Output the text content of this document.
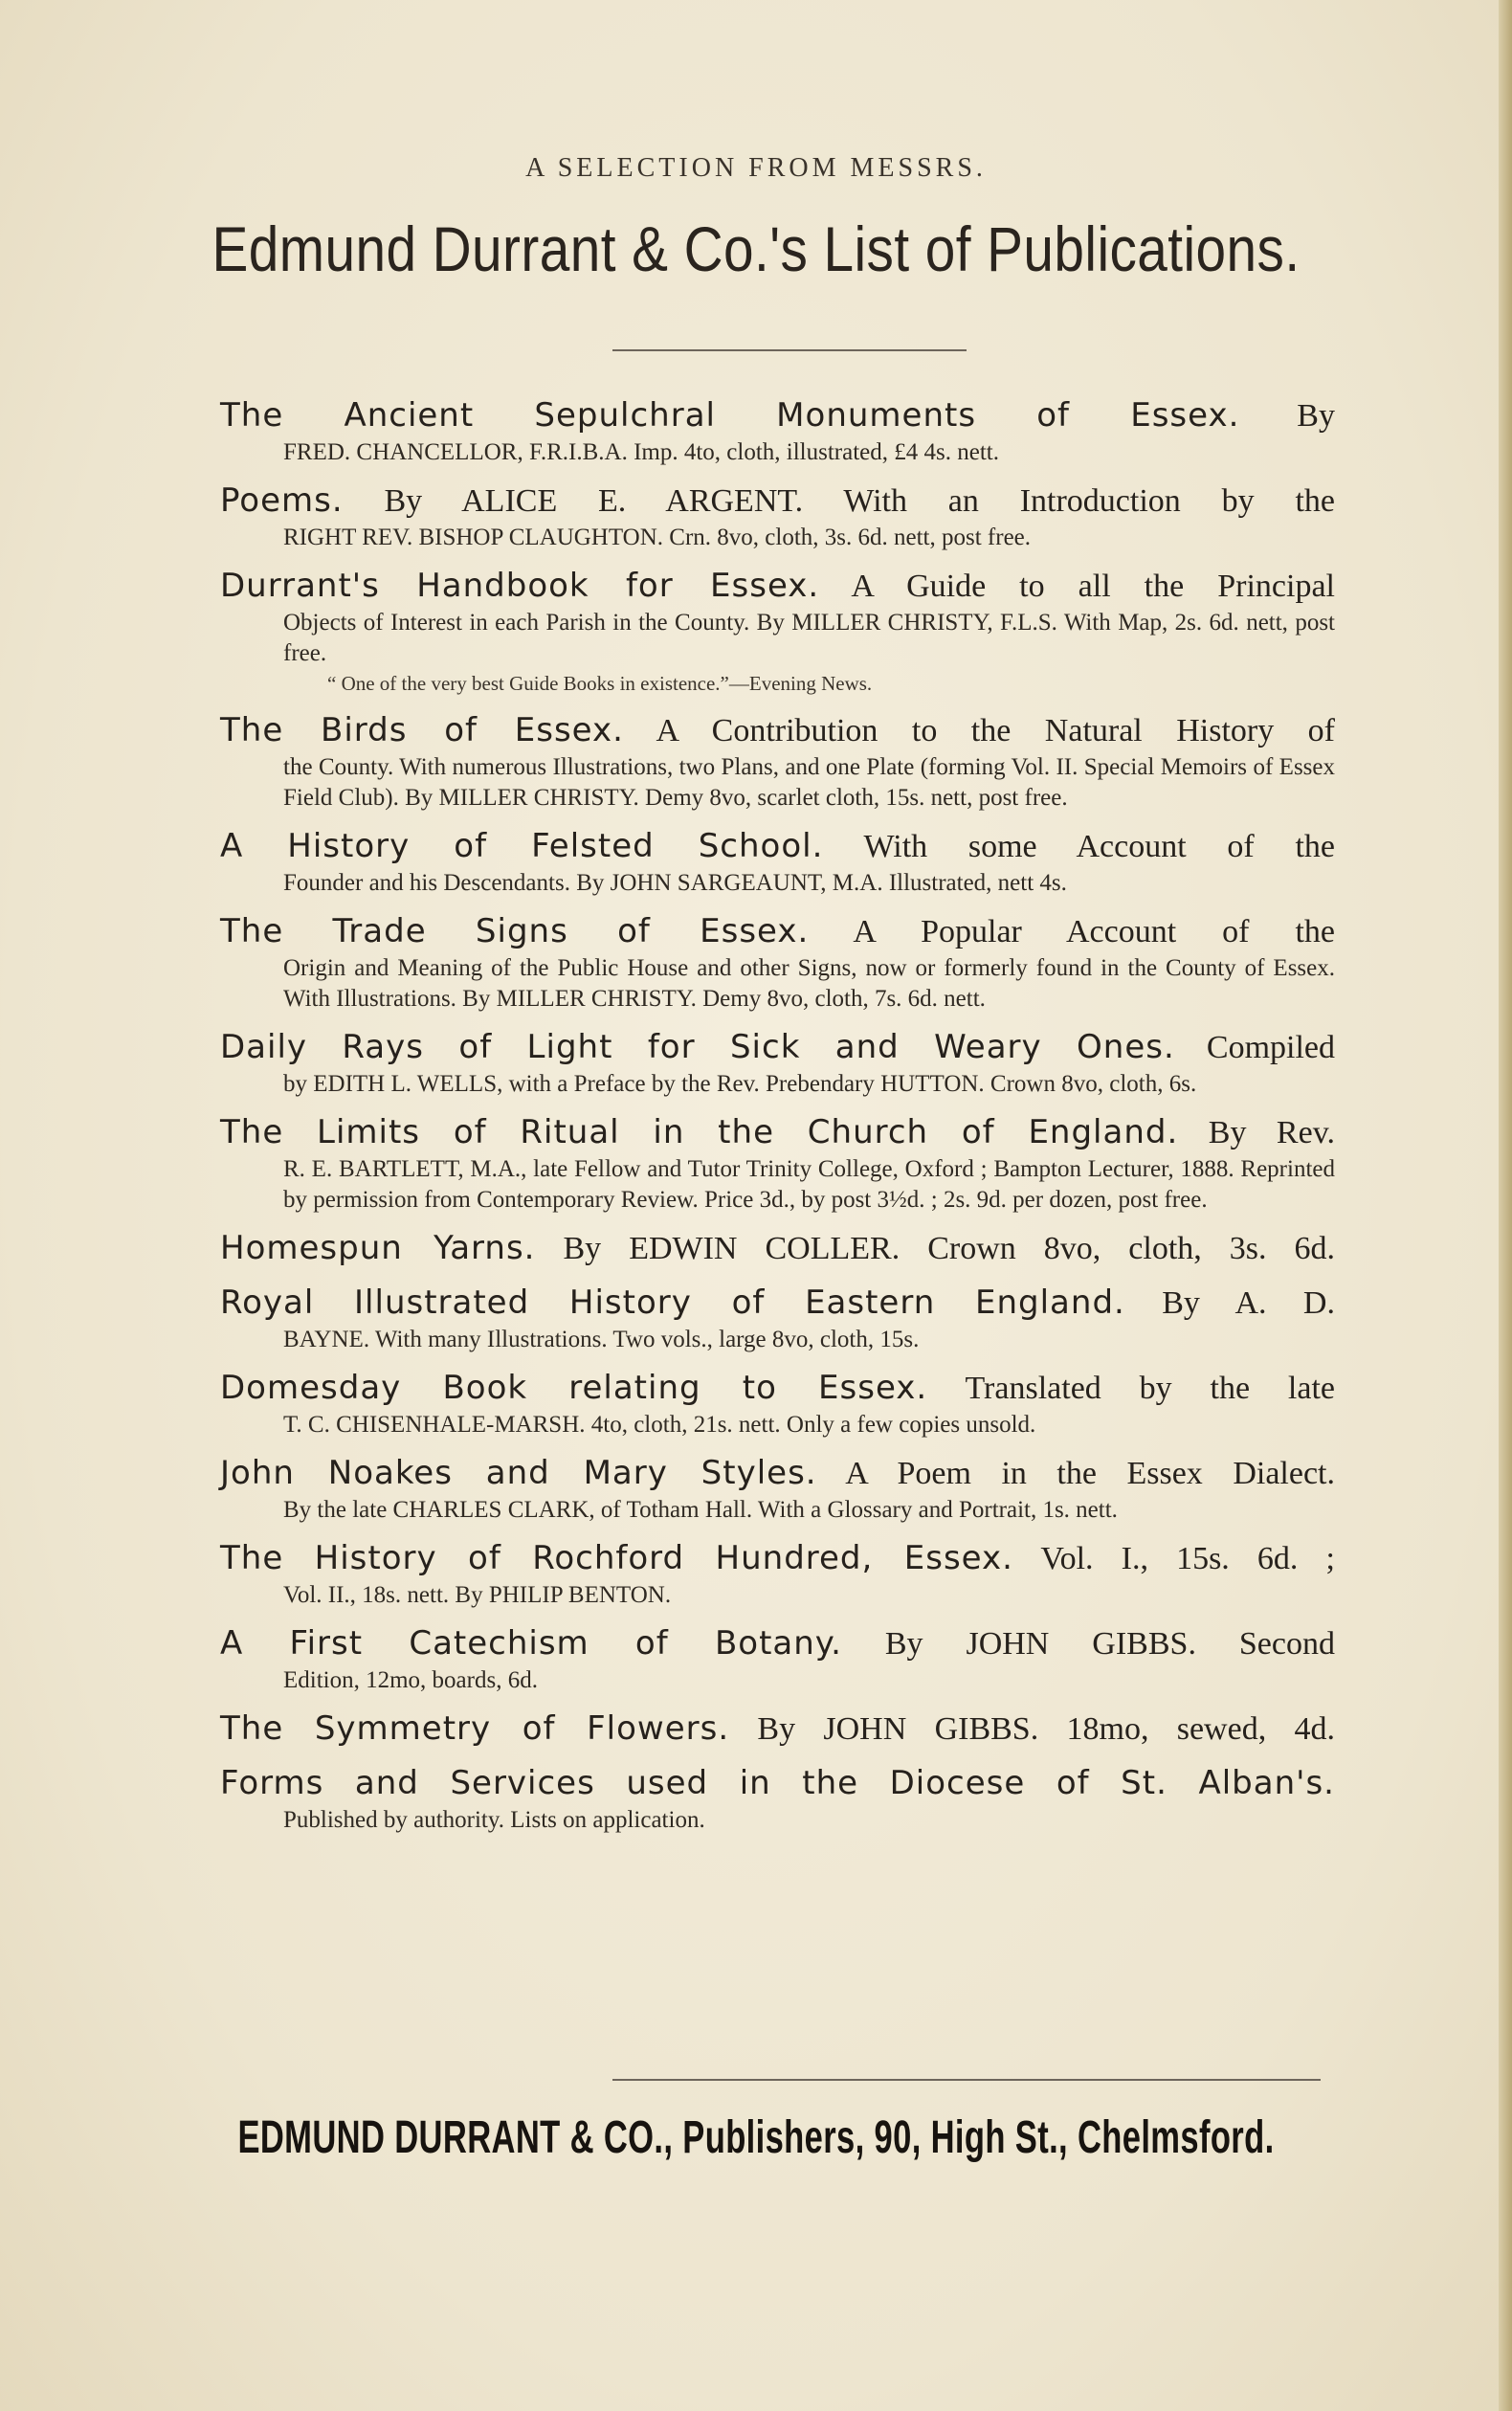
A SELECTION FROM MESSRS.
Edmund Durrant & Co.'s List of Publications.
The Ancient Sepulchral Monuments of Essex. By
FRED. CHANCELLOR, F.R.I.B.A. Imp. 4to, cloth, illustrated, £4 4s. nett.
Poems. By ALICE E. ARGENT. With an Introduction by the
RIGHT REV. BISHOP CLAUGHTON. Crn. 8vo, cloth, 3s. 6d. nett, post free.
Durrant's Handbook for Essex. A Guide to all the Principal
Objects of Interest in each Parish in the County. By MILLER CHRISTY, F.L.S. With Map, 2s. 6d. nett, post free.
“ One of the very best Guide Books in existence.”—Evening News.
The Birds of Essex. A Contribution to the Natural History of
the County. With numerous Illustrations, two Plans, and one Plate (forming Vol. II. Special Memoirs of Essex Field Club). By MILLER CHRISTY. Demy 8vo, scarlet cloth, 15s. nett, post free.
A History of Felsted School. With some Account of the
Founder and his Descendants. By JOHN SARGEAUNT, M.A. Illustrated, nett 4s.
The Trade Signs of Essex. A Popular Account of the
Origin and Meaning of the Public House and other Signs, now or formerly found in the County of Essex. With Illustrations. By MILLER CHRISTY. Demy 8vo, cloth, 7s. 6d. nett.
Daily Rays of Light for Sick and Weary Ones. Compiled
by EDITH L. WELLS, with a Preface by the Rev. Prebendary HUTTON. Crown 8vo, cloth, 6s.
The Limits of Ritual in the Church of England. By Rev.
R. E. BARTLETT, M.A., late Fellow and Tutor Trinity College, Oxford ; Bampton Lecturer, 1888. Reprinted by permission from Contemporary Review. Price 3d., by post 3½d. ; 2s. 9d. per dozen, post free.
Homespun Yarns. By EDWIN COLLER. Crown 8vo, cloth, 3s. 6d.
Royal Illustrated History of Eastern England. By A. D.
BAYNE. With many Illustrations. Two vols., large 8vo, cloth, 15s.
Domesday Book relating to Essex. Translated by the late
T. C. CHISENHALE-MARSH. 4to, cloth, 21s. nett. Only a few copies unsold.
John Noakes and Mary Styles. A Poem in the Essex Dialect.
By the late CHARLES CLARK, of Totham Hall. With a Glossary and Portrait, 1s. nett.
The History of Rochford Hundred, Essex. Vol. I., 15s. 6d. ;
Vol. II., 18s. nett. By PHILIP BENTON.
A First Catechism of Botany. By JOHN GIBBS. Second
Edition, 12mo, boards, 6d.
The Symmetry of Flowers. By JOHN GIBBS. 18mo, sewed, 4d.
Forms and Services used in the Diocese of St. Alban's.
Published by authority. Lists on application.
EDMUND DURRANT & CO., Publishers, 90, High St., Chelmsford.
